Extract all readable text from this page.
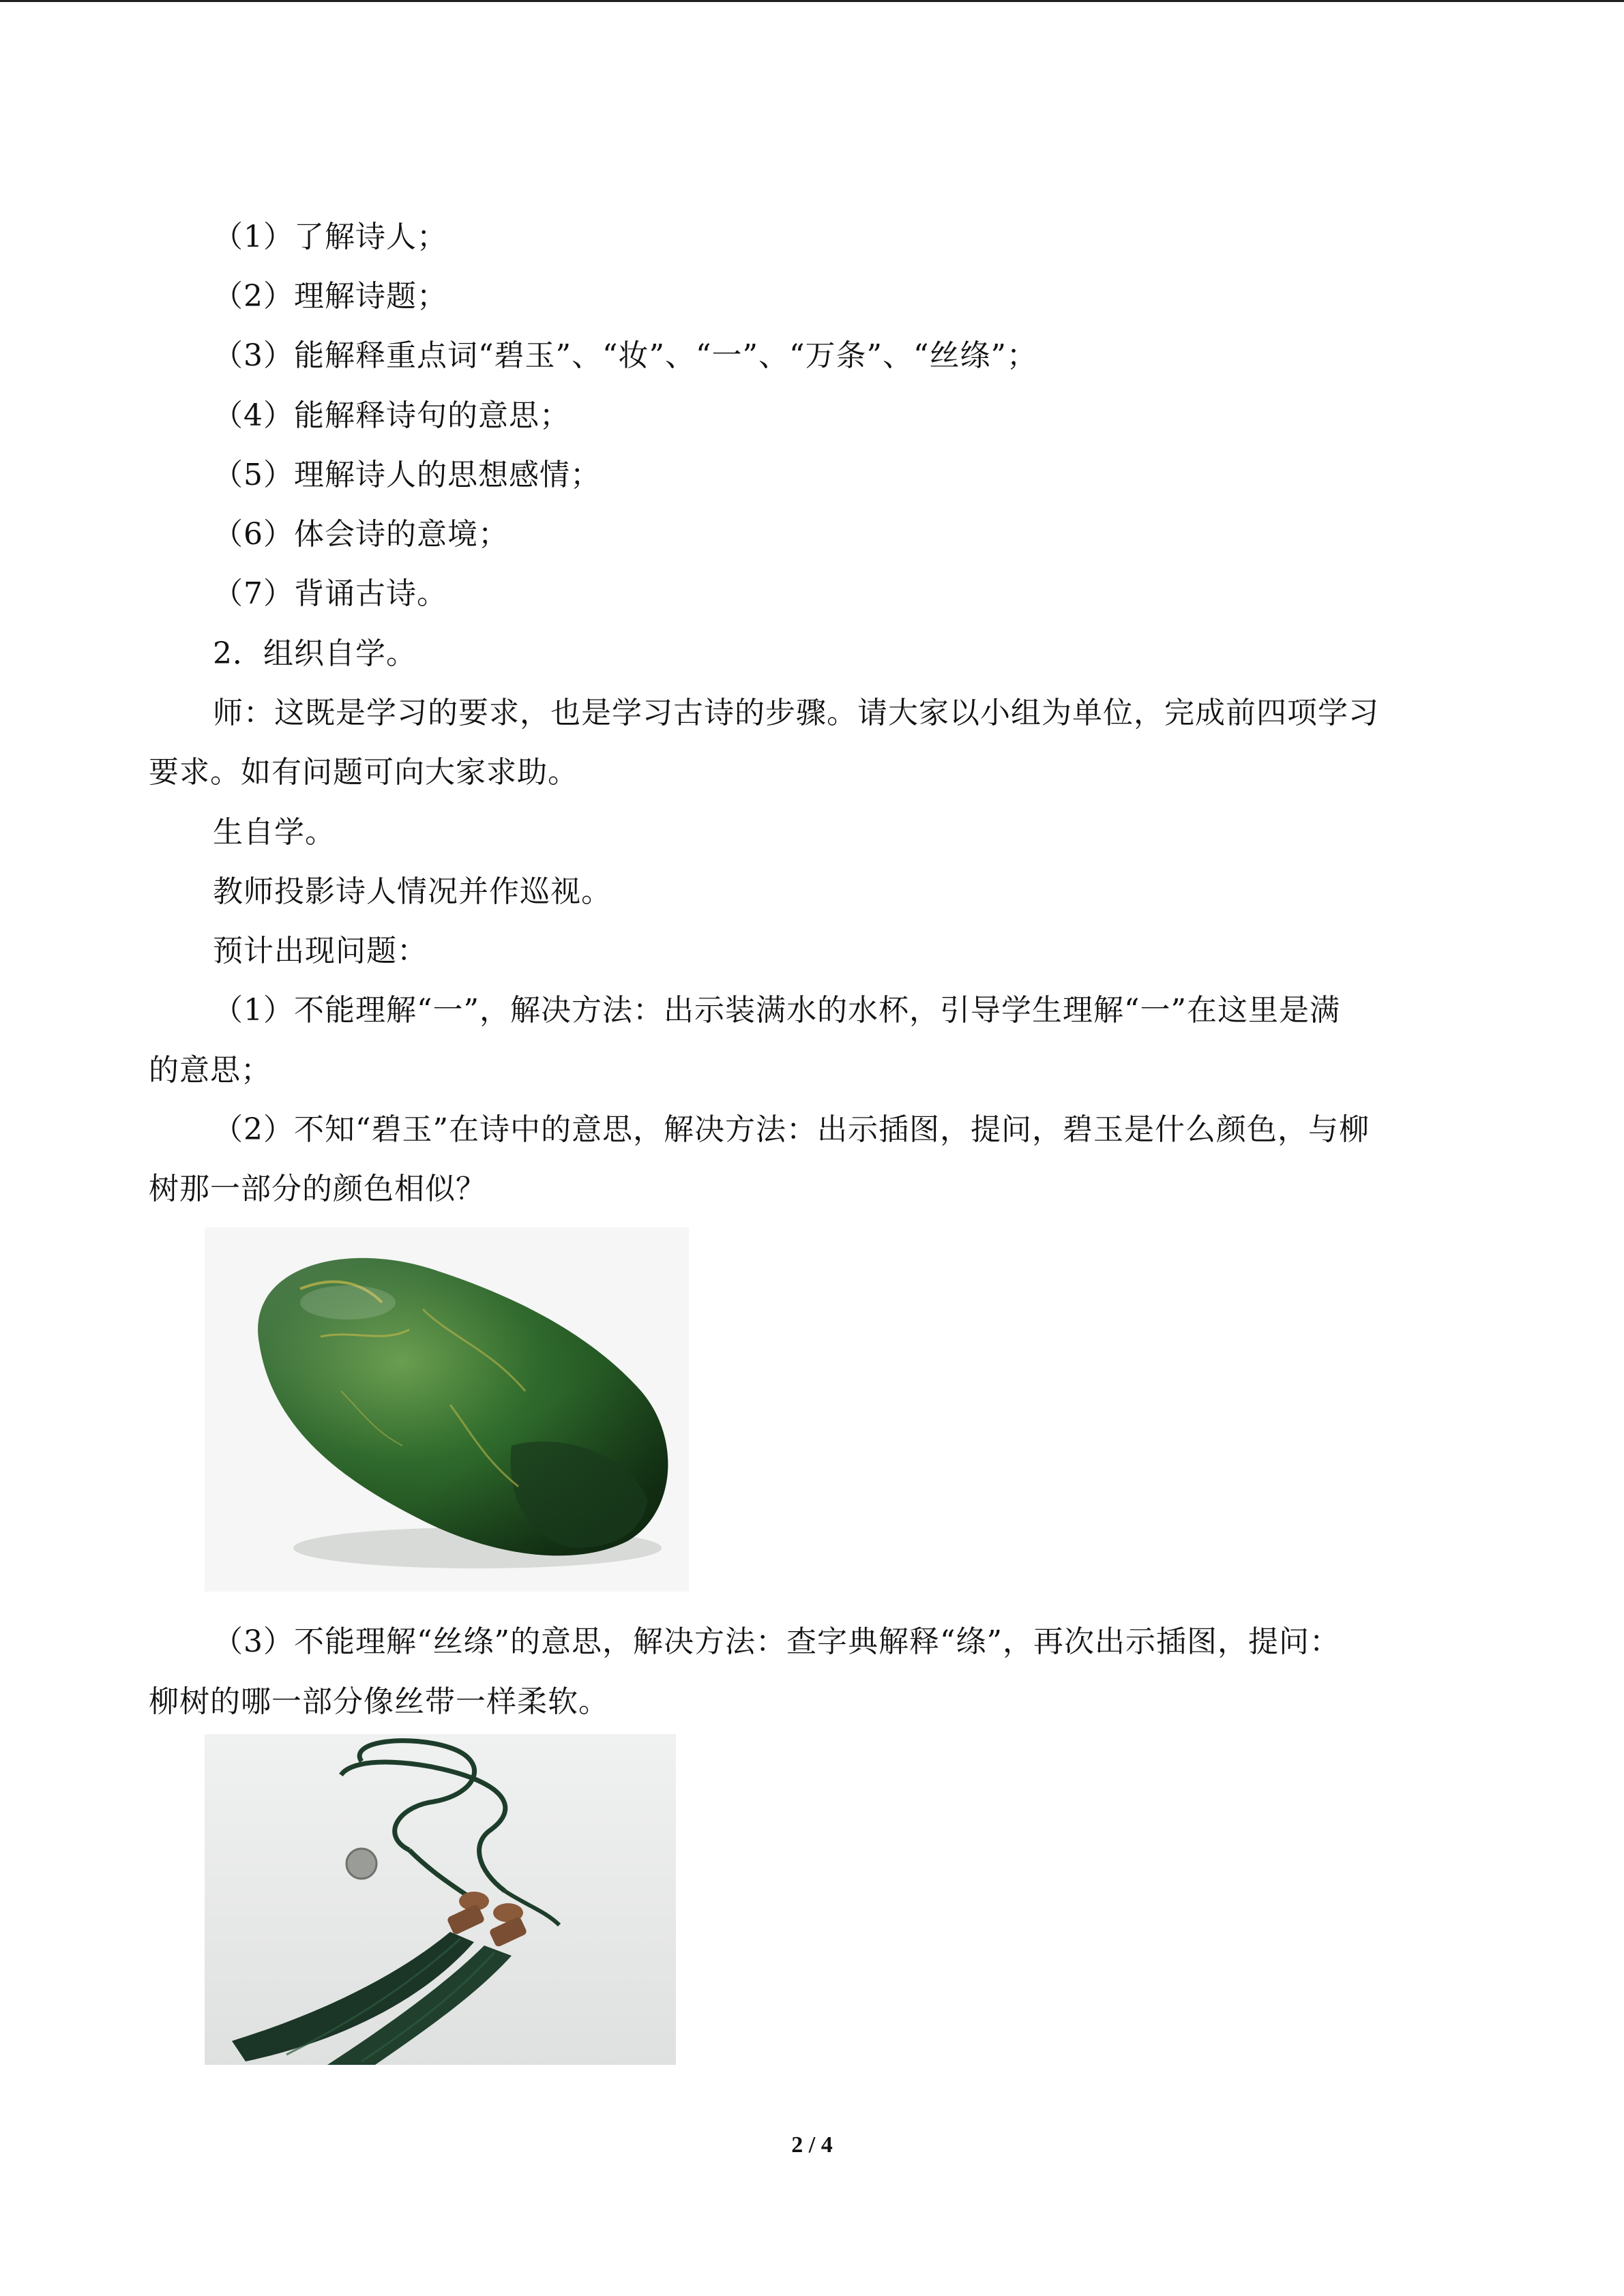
（1）了解诗人；
（2）理解诗题；
（3）能解释重点词“碧玉”、“妆”、“一”、“万条”、“丝绦”；
（4）能解释诗句的意思；
（5）理解诗人的思想感情；
（6）体会诗的意境；
（7）背诵古诗。
2．组织自学。
师：这既是学习的要求，也是学习古诗的步骤。请大家以小组为单位，完成前四项学习
要求。如有问题可向大家求助。
生自学。
教师投影诗人情况并作巡视。
预计出现问题：
（1）不能理解“一”，解决方法：出示装满水的水杯，引导学生理解“一”在这里是满
的意思；
（2）不知“碧玉”在诗中的意思，解决方法：出示插图，提问，碧玉是什么颜色，与柳
树那一部分的颜色相似？
（3）不能理解“丝绦”的意思，解决方法：查字典解释“绦”，再次出示插图，提问：
柳树的哪一部分像丝带一样柔软。
2 / 4
